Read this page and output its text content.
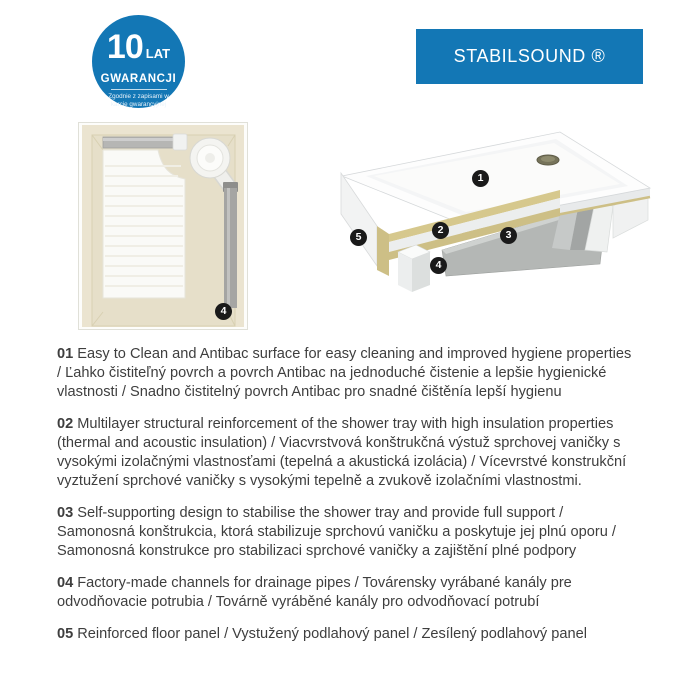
10 LAT
GWARANCJI
Zgodnie z zapisami w karcie gwarancyjnej
STABILSOUND ®
1
2	3
4
5
4

01 Easy to Clean and Antibac surface for easy cleaning and improved hygiene properties / Ľahko čistiteľný povrch a povrch Antibac na jednoduché čistenie a lepšie hygienické vlastnosti / Snadno čistitelný povrch Antibac pro snadné čištěnía lepší hygienu

02 Multilayer structural reinforcement of the shower tray with high insulation properties (thermal and acoustic insulation) / Viacvrstvová konštrukčná výstuž sprchovej vaničky s vysokými izolačnými vlastnosťami (tepelná a akustická izolácia) / Vícevrstvé konstrukční vyztužení sprchové vaničky s vysokými tepelně a zvukově izolačními vlastnostmi.

03 Self-supporting design to stabilise the shower tray and provide full support / Samonosná konštrukcia, ktorá stabilizuje sprchovú vaničku a poskytuje jej plnú oporu / Samonosná konstrukce pro stabilizaci sprchové vaničky a zajištění plné podpory

04 Factory-made channels for drainage pipes / Továrensky vyrábané kanály pre odvodňovacie potrubia / Továrně vyráběné kanály pro odvodňovací potrubí

05 Reinforced floor panel / Vystužený podlahový panel / Zesílený podlahový panel
